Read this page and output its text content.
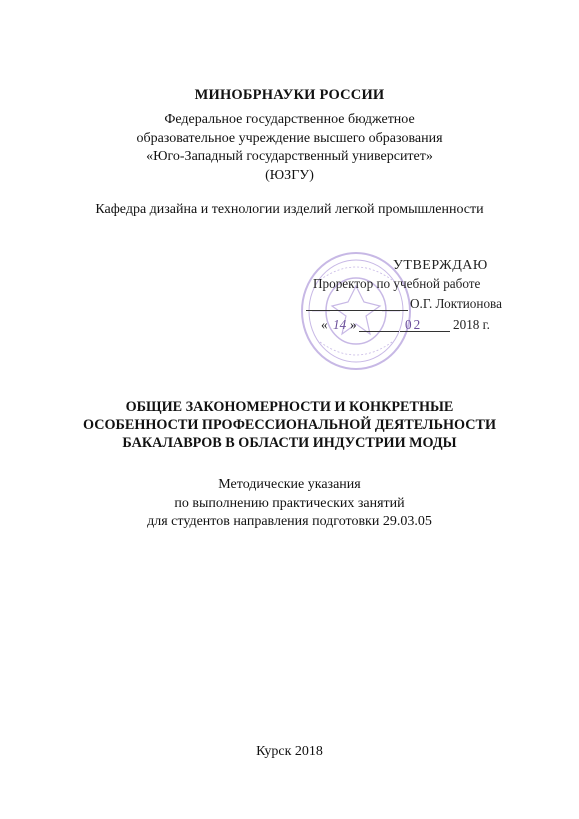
МИНОБРНАУКИ РОССИИ
Федеральное государственное бюджетное
образовательное учреждение высшего образования
«Юго-Западный государственный университет»
(ЮЗГУ)
Кафедра дизайна и технологии изделий легкой промышленности
УТВЕРЖДАЮ
Проректор по учебной работе
О.Г. Локтионова
« 14 »	02 2018 г.
ОБЩИЕ ЗАКОНОМЕРНОСТИ И КОНКРЕТНЫЕ
ОСОБЕННОСТИ ПРОФЕССИОНАЛЬНОЙ ДЕЯТЕЛЬНОСТИ
БАКАЛАВРОВ В ОБЛАСТИ ИНДУСТРИИ МОДЫ
Методические указания
по выполнению практических занятий
для студентов направления подготовки 29.03.05
Курск 2018
